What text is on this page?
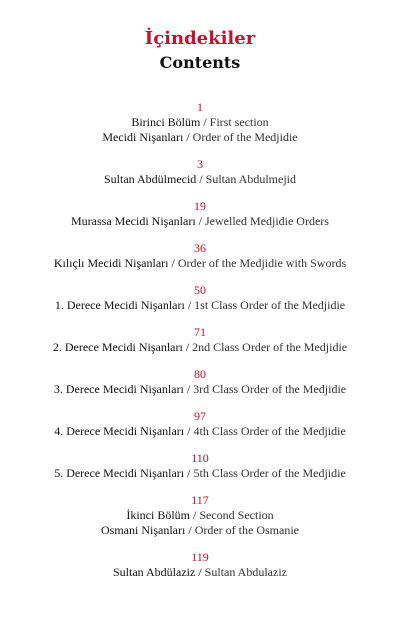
İçindekiler
Contents
1
Birinci Bölüm / First section
Mecidi Nişanları / Order of the Medjidie
3
Sultan Abdülmecid / Sultan Abdulmejid
19
Murassa Mecidi Nişanları / Jewelled Medjidie Orders
36
Kılıçlı Mecidi Nişanları / Order of the Medjidie with Swords
50
1. Derece Mecidi Nişanları / 1st Class Order of the Medjidie
71
2. Derece Mecidi Nişanları / 2nd Class Order of the Medjidie
80
3. Derece Mecidi Nişanları / 3rd Class Order of the Medjidie
97
4. Derece Mecidi Nişanları / 4th Class Order of the Medjidie
110
5. Derece Mecidi Nişanları / 5th Class Order of the Medjidie
117
İkinci Bölüm / Second Section
Osmani Nişanları / Order of the Osmanie
119
Sultan Abdülaziz / Sultan Abdulaziz
